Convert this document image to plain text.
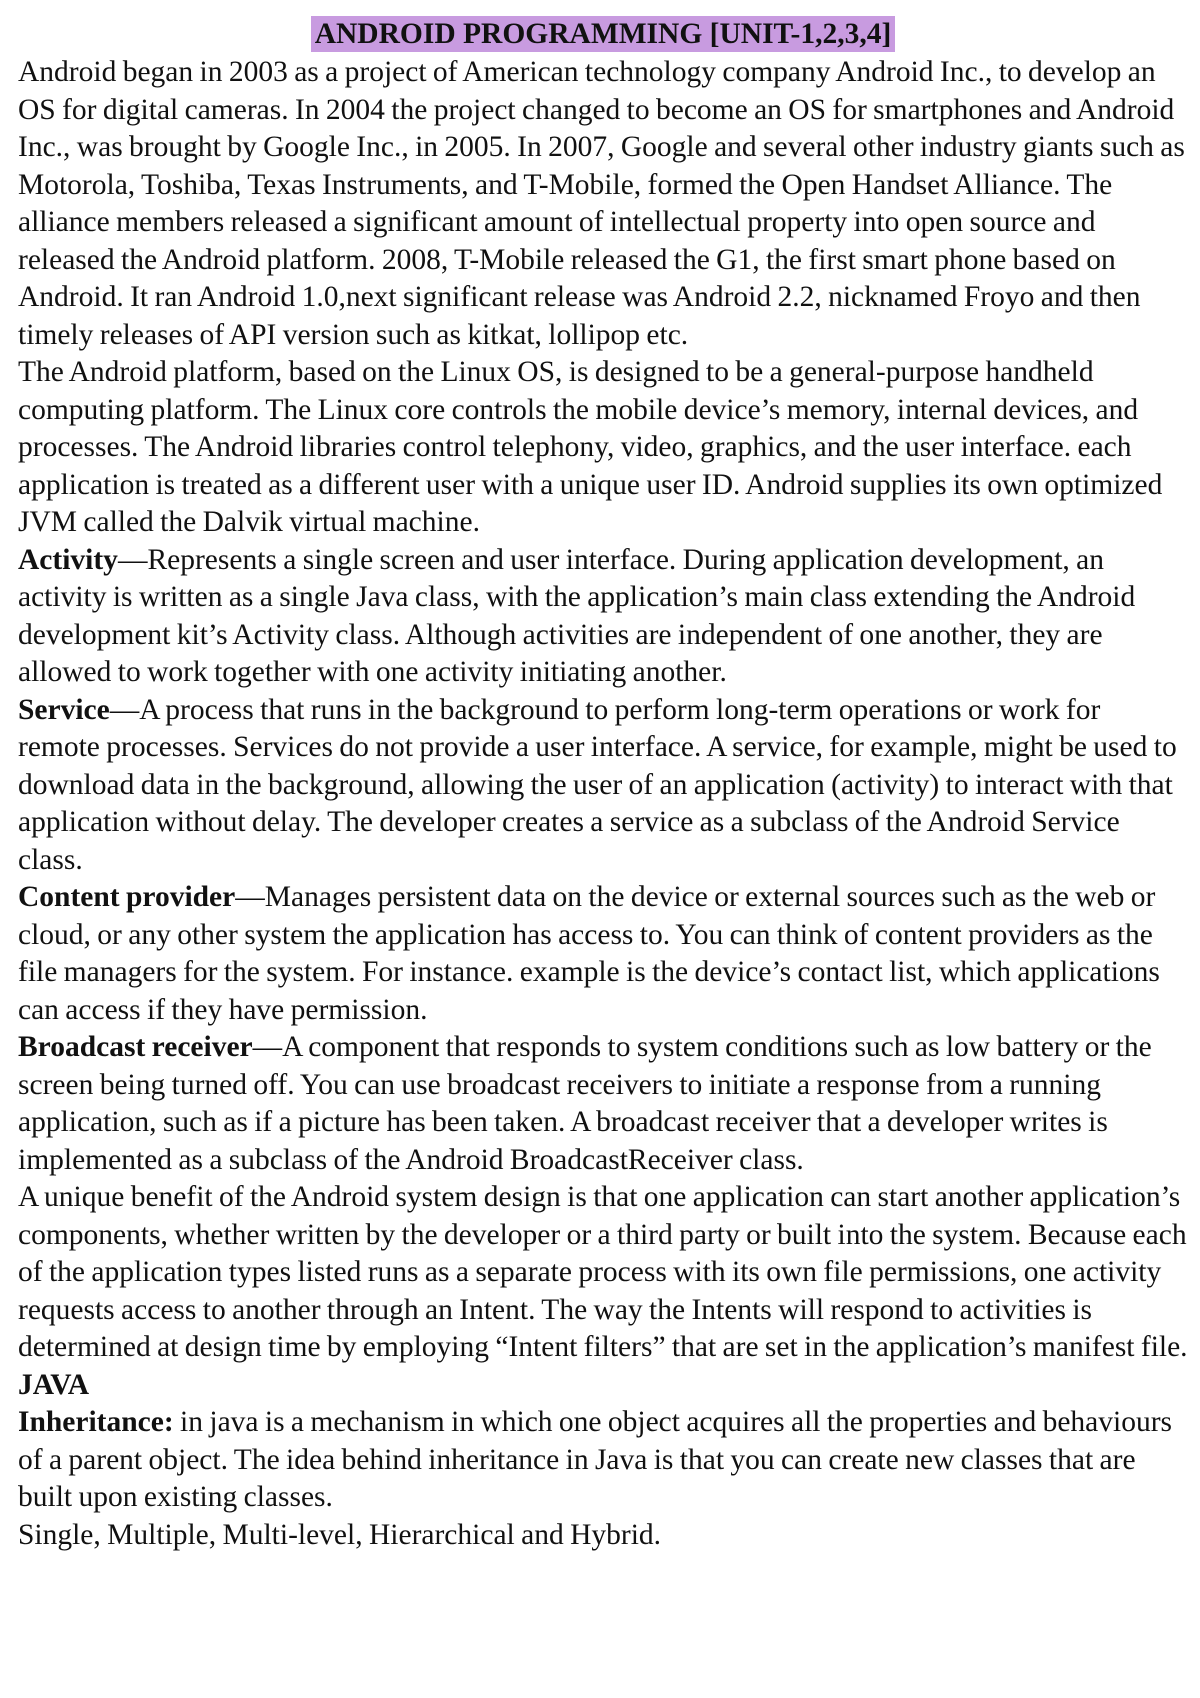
ANDROID PROGRAMMING [UNIT-1,2,3,4]

Android began in 2003 as a project of American technology company Android Inc., to develop an OS for digital cameras. In 2004 the project changed to become an OS for smartphones and Android Inc., was brought by Google Inc., in 2005. In 2007, Google and several other industry giants such as Motorola, Toshiba, Texas Instruments, and T-Mobile, formed the Open Handset Alliance. The alliance members released a significant amount of intellectual property into open source and released the Android platform. 2008, T-Mobile released the G1, the first smart phone based on Android. It ran Android 1.0,next significant release was Android 2.2, nicknamed Froyo and then timely releases of API version such as kitkat, lollipop etc.

The Android platform, based on the Linux OS, is designed to be a general-purpose handheld computing platform. The Linux core controls the mobile device’s memory, internal devices, and processes. The Android libraries control telephony, video, graphics, and the user interface. each application is treated as a different user with a unique user ID. Android supplies its own optimized JVM called the Dalvik virtual machine.

Activity—Represents a single screen and user interface. During application development, an activity is written as a single Java class, with the application’s main class extending the Android development kit’s Activity class. Although activities are independent of one another, they are allowed to work together with one activity initiating another.

Service—A process that runs in the background to perform long-term operations or work for remote processes. Services do not provide a user interface. A service, for example, might be used to download data in the background, allowing the user of an application (activity) to interact with that application without delay. The developer creates a service as a subclass of the Android Service class.

Content provider—Manages persistent data on the device or external sources such as the web or cloud, or any other system the application has access to. You can think of content providers as the file managers for the system. For instance. example is the device’s contact list, which applications can access if they have permission.

Broadcast receiver—A component that responds to system conditions such as low battery or the screen being turned off. You can use broadcast receivers to initiate a response from a running application, such as if a picture has been taken. A broadcast receiver that a developer writes is implemented as a subclass of the Android BroadcastReceiver class.

A unique benefit of the Android system design is that one application can start another application’s components, whether written by the developer or a third party or built into the system. Because each of the application types listed runs as a separate process with its own file permissions, one activity requests access to another through an Intent. The way the Intents will respond to activities is determined at design time by employing “Intent filters” that are set in the application’s manifest file.

JAVA

Inheritance: in java is a mechanism in which one object acquires all the properties and behaviours of a parent object. The idea behind inheritance in Java is that you can create new classes that are built upon existing classes.

Single, Multiple, Multi-level, Hierarchical and Hybrid.
